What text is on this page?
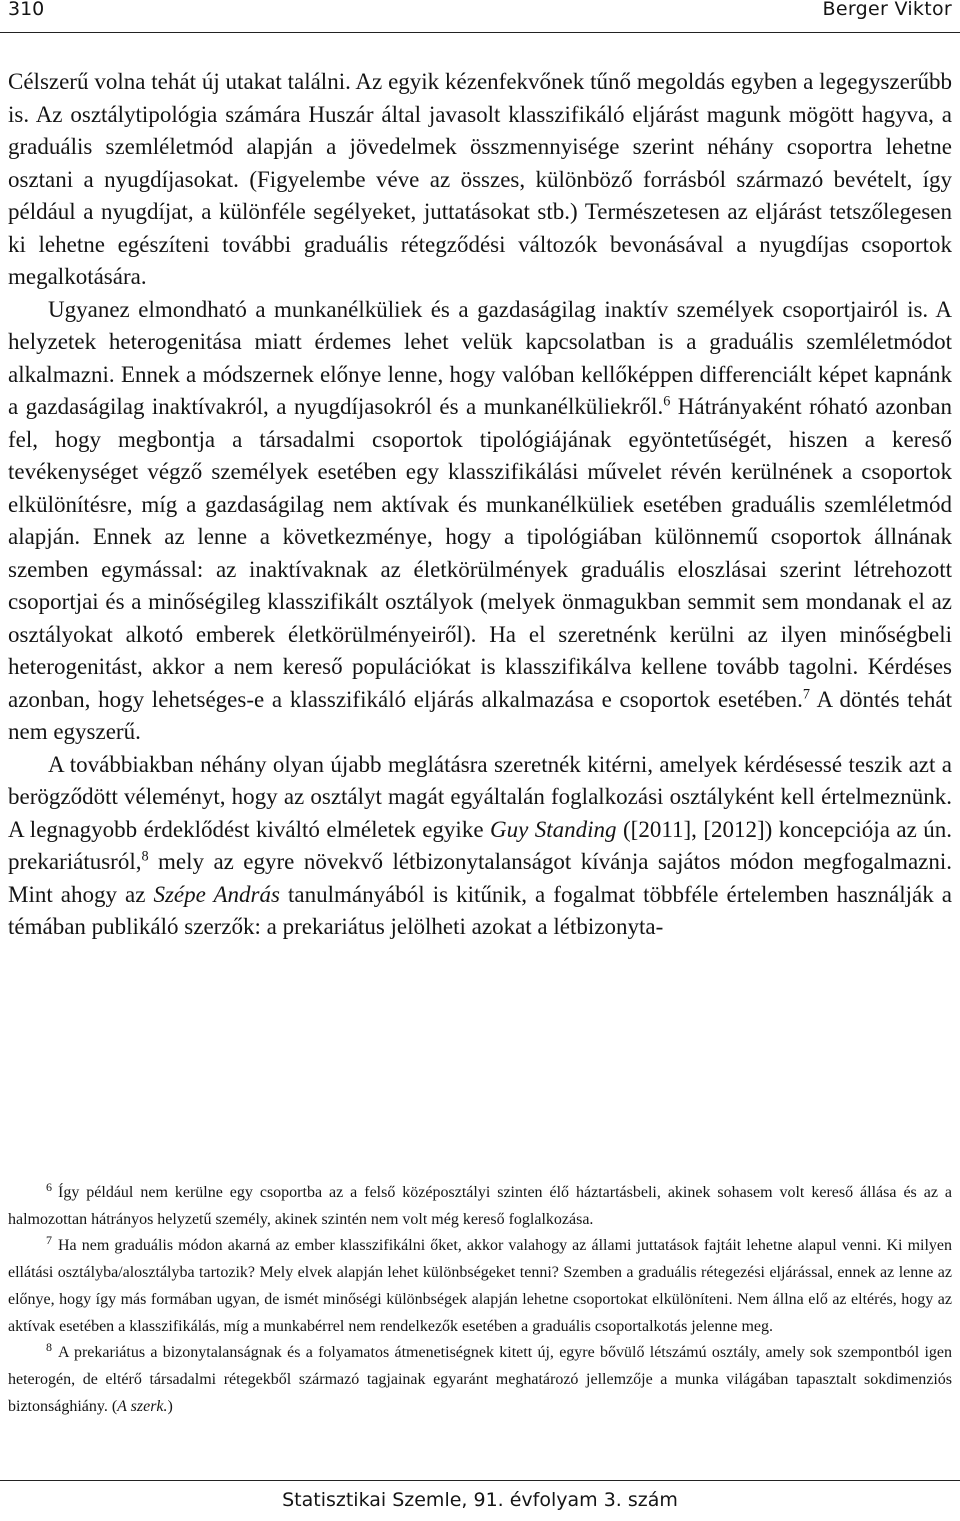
310	Berger Viktor

Célszerű volna tehát új utakat találni. Az egyik kézenfekvőnek tűnő megoldás egyben a legegyszerűbb is. Az osztálytipológia számára Huszár által javasolt klasszifikáló eljárást magunk mögött hagyva, a graduális szemléletmód alapján a jövedelmek összmennyisége szerint néhány csoportra lehetne osztani a nyugdíjasokat. (Figyelembe véve az összes, különböző forrásból származó bevételt, így például a nyugdíjat, a különféle segélyeket, juttatásokat stb.) Természetesen az eljárást tetszőlegesen ki lehetne egészíteni további graduális rétegződési változók bevonásával a nyugdíjas csoportok megalkotására.

Ugyanez elmondható a munkanélküliek és a gazdaságilag inaktív személyek csoportjairól is. A helyzetek heterogenitása miatt érdemes lehet velük kapcsolatban is a graduális szemléletmódot alkalmazni. Ennek a módszernek előnye lenne, hogy valóban kellőképpen differenciált képet kapnánk a gazdaságilag inaktívakról, a nyugdíjasokról és a munkanélküliekről.$^6$ Hátrányaként róható azonban fel, hogy megbontja a társadalmi csoportok tipológiájának egyöntetűségét, hiszen a kereső tevékenységet végző személyek esetében egy klasszifikálási művelet révén kerülnének a csoportok elkülönítésre, míg a gazdaságilag nem aktívak és munkanélküliek esetében graduális szemléletmód alapján. Ennek az lenne a következménye, hogy a tipológiában különnemű csoportok állnának szemben egymással: az inaktívaknak az életkörülmények graduális eloszlásai szerint létrehozott csoportjai és a minőségileg klasszifikált osztályok (melyek önmagukban semmit sem mondanak el az osztályokat alkotó emberek életkörülményeiről). Ha el szeretnénk kerülni az ilyen minőségbeli heterogenitást, akkor a nem kereső populációkat is klasszifikálva kellene tovább tagolni. Kérdéses azonban, hogy lehetséges-e a klasszifikáló eljárás alkalmazása e csoportok esetében.$^7$ A döntés tehát nem egyszerű.

A továbbiakban néhány olyan újabb meglátásra szeretnék kitérni, amelyek kérdésessé teszik azt a berögződött véleményt, hogy az osztályt magát egyáltalán foglalkozási osztályként kell értelmeznünk. A legnagyobb érdeklődést kiváltó elméletek egyike Guy Standing ([2011], [2012]) koncepciója az ún. prekariátusról,$^8$ mely az egyre növekvő létbizonytalanságot kívánja sajátos módon megfogalmazni. Mint ahogy az Szépe András tanulmányából is kitűnik, a fogalmat többféle értelemben használják a témában publikáló szerzők: a prekariátus jelölheti azokat a létbizonyta-

$^6$ Így például nem kerülne egy csoportba az a felső középosztályi szinten élő háztartásbeli, akinek sohasem volt kereső állása és az a halmozottan hátrányos helyzetű személy, akinek szintén nem volt még kereső foglalkozása.

$^7$ Ha nem graduális módon akarná az ember klasszifikálni őket, akkor valahogy az állami juttatások fajtáit lehetne alapul venni. Ki milyen ellátási osztályba/alosztályba tartozik? Mely elvek alapján lehet különbségeket tenni? Szemben a graduális rétegezési eljárással, ennek az lenne az előnye, hogy így más formában ugyan, de ismét minőségi különbségek alapján lehetne csoportokat elkülöníteni. Nem állna elő az eltérés, hogy az aktívak esetében a klasszifikálás, míg a munkabérrel nem rendelkezők esetében a graduális csoportalkotás jelenne meg.

$^8$ A prekariátus a bizonytalanságnak és a folyamatos átmenetiségnek kitett új, egyre bővülő létszámú osztály, amely sok szempontból igen heterogén, de eltérő társadalmi rétegekből származó tagjainak egyaránt meghatározó jellemzője a munka világában tapasztalt sokdimenziós biztonsághiány. (A szerk.)

Statisztikai Szemle, 91. évfolyam 3. szám
